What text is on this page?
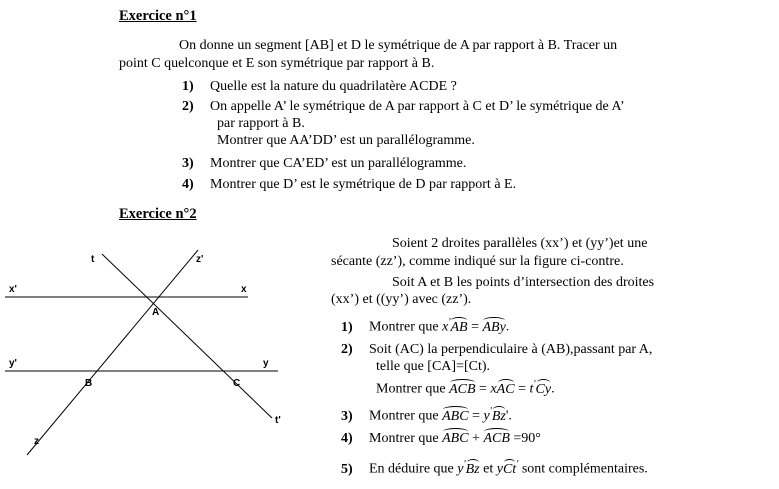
Exercice n°1
On donne un segment [AB] et D le symétrique de A par rapport à B. Tracer un
point C quelconque et E son symétrique par rapport à B.
1) Quelle est la nature du quadrilatère ACDE ?
2) On appelle A’ le symétrique de A par rapport à C et D’ le symétrique de A’
par rapport à B.
Montrer que AA’DD’ est un parallélogramme.
3) Montrer que CA’ED’ est un parallélogramme.
4) Montrer que D’ est le symétrique de D par rapport à E.
Exercice n°2
t	z'
x'	x
A
y'	y
B	C
t'
z
Soient 2 droites parallèles (xx’) et (yy’)et une
sécante (zz’), comme indiqué sur la figure ci-contre.
Soit A et B les points d’intersection des droites
(xx’) et ((yy’) avec (zz’).
1) Montrer que x'
AB =
ABy.
2) Soit (AC) la perpendiculaire à (AB),passant par A,
telle que [CA]=[Ct).
Montrer que
ACB = x
AC = t'
Cy.
3) Montrer que
ABC = y'
Bz'.
4) Montrer que
ABC +
ACB =90°
5) En déduire que y'
Bz et y
Ct' sont complémentaires.
